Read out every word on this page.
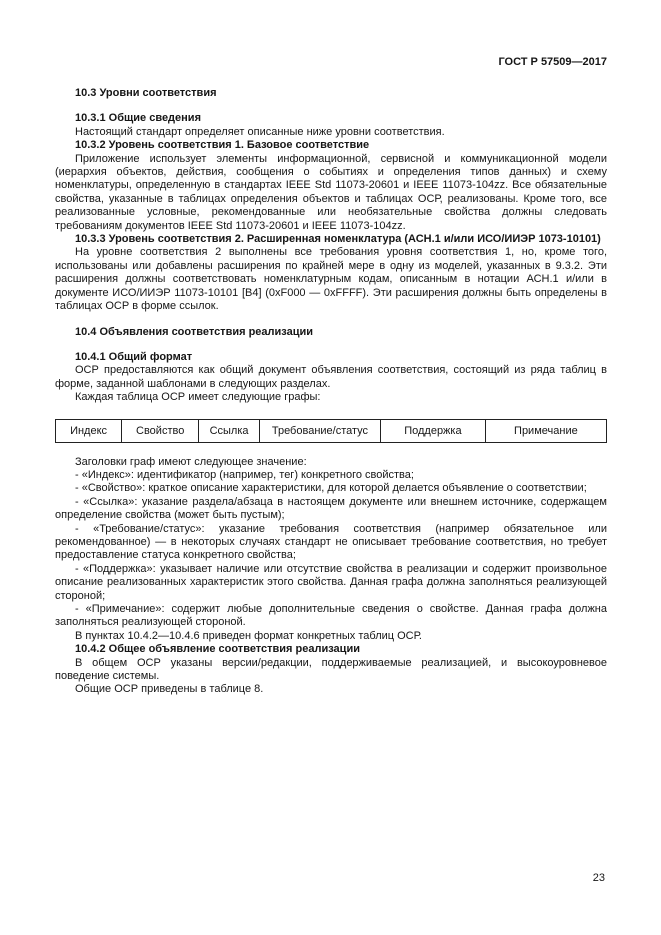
ГОСТ Р 57509—2017

10.3 Уровни соответствия

10.3.1 Общие сведения

Настоящий стандарт определяет описанные ниже уровни соответствия.

10.3.2 Уровень соответствия 1. Базовое соответствие

Приложение использует элементы информационной, сервисной и коммуникационной модели (иерархия объектов, действия, сообщения о событиях и определения типов данных) и схему номенклатуры, определенную в стандартах IEEE Std 11073-20601 и IEEE 11073-104zz. Все обязательные свойства, указанные в таблицах определения объектов и таблицах ОСР, реализованы. Кроме того, все реализованные условные, рекомендованные или необязательные свойства должны следовать требованиям документов IEEE Std 11073-20601 и IEEE 11073-104zz.

10.3.3 Уровень соответствия 2. Расширенная номенклатура (АСН.1 и/или ИСО/ИИЭР 1073-10101)

На уровне соответствия 2 выполнены все требования уровня соответствия 1, но, кроме того, использованы или добавлены расширения по крайней мере в одну из моделей, указанных в 9.3.2. Эти расширения должны соответствовать номенклатурным кодам, описанным в нотации АСН.1 и/или в документе ИСО/ИИЭР 11073-10101 [В4] (0xF000 — 0xFFFF). Эти расширения должны быть определены в таблицах ОСР в форме ссылок.

10.4 Объявления соответствия реализации

10.4.1 Общий формат

ОСР предоставляются как общий документ объявления соответствия, состоящий из ряда таблиц в форме, заданной шаблонами в следующих разделах.

Каждая таблица ОСР имеет следующие графы:

Индекс	Свойство	Ссылка	Требование/статус	Поддержка	Примечание

Заголовки граф имеют следующее значение:

- «Индекс»: идентификатор (например, тег) конкретного свойства;

- «Свойство»: краткое описание характеристики, для которой делается объявление о соответствии;

- «Ссылка»: указание раздела/абзаца в настоящем документе или внешнем источнике, содержащем определение свойства (может быть пустым);

- «Требование/статус»: указание требования соответствия (например обязательное или рекомендованное) — в некоторых случаях стандарт не описывает требование соответствия, но требует предоставление статуса конкретного свойства;

- «Поддержка»: указывает наличие или отсутствие свойства в реализации и содержит произвольное описание реализованных характеристик этого свойства. Данная графа должна заполняться реализующей стороной;

- «Примечание»: содержит любые дополнительные сведения о свойстве. Данная графа должна заполняться реализующей стороной.

В пунктах 10.4.2—10.4.6 приведен формат конкретных таблиц ОСР.

10.4.2 Общее объявление соответствия реализации

В общем ОСР указаны версии/редакции, поддерживаемые реализацией, и высокоуровневое поведение системы.

Общие ОСР приведены в таблице 8.

23
